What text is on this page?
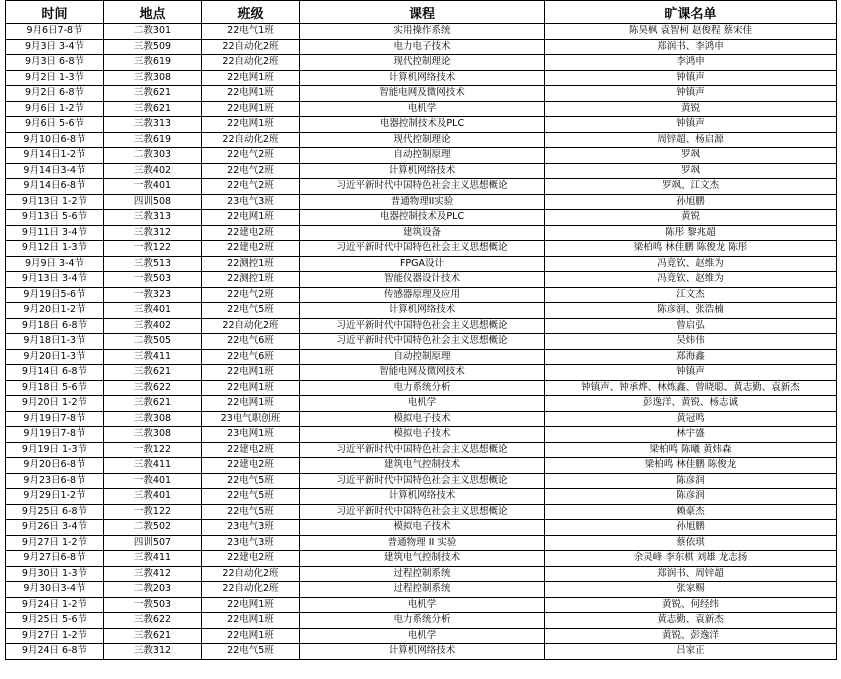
时间	地点	班级	课程	旷课名单
9月6日7-8节	二教301	22电气1班	实用操作系统	陈昊枫 袁智柯 赵俊程 蔡宋佳
9月3日 3-4节	三教509	22自动化2班	电力电子技术	郑润书、李鸿申
9月3日 6-8节	三教619	22自动化2班	现代控制理论	李鸿申
9月2日 1-3节	三教308	22电网1班	计算机网络技术	钟镇声
9月2日 6-8节	三教621	22电网1班	智能电网及微网技术	钟镇声
9月6日 1-2节	三教621	22电网1班	电机学	黄锐
9月6日 5-6节	三教313	22电网1班	电器控制技术及PLC	钟镇声
9月10日6-8节	三教619	22自动化2班	现代控制理论	周锌超、杨启源
9月14日1-2节	二教303	22电气2班	自动控制原理	罗飒
9月14日3-4节	三教402	22电气2班	计算机网络技术	罗飒
9月14日6-8节	一教401	22电气2班	习近平新时代中国特色社会主义思想概论	罗飒、江文杰
9月13日 1-2节	四训508	23电气3班	普通物理II实验	孙旭鹏
9月13日 5-6节	三教313	22电网1班	电器控制技术及PLC	黄锐
9月11日 3-4节	三教312	22建电2班	建筑设备	陈彤 黎兆超
9月12日 1-3节	一教122	22建电2班	习近平新时代中国特色社会主义思想概论	梁柏鸣 林佳鹏 陈俊龙 陈彤
9月9日 3-4节	三教513	22测控1班	FPGA设计	冯竟钦、赵维为
9月13日 3-4节	一教503	22测控1班	智能仪器设计技术	冯竟钦、赵维为
9月19日5-6节	一教323	22电气2班	传感器原理及应用	江文杰
9月20日1-2节	三教401	22电气5班	计算机网络技术	陈彦润、张浩楠
9月18日 6-8节	三教402	22自动化2班	习近平新时代中国特色社会主义思想概论	曾启弘
9月18日1-3节	二教505	22电气6班	习近平新时代中国特色社会主义思想概论	吴炜伟
9月20日1-3节	三教411	22电气6班	自动控制原理	郑海鑫
9月14日 6-8节	三教621	22电网1班	智能电网及微网技术	钟镇声
9月18日 5-6节	三教622	22电网1班	电力系统分析	钟镇声、钟承烨、林炼鑫、曾晓聪、黄志勤、袁新杰
9月20日 1-2节	三教621	22电网1班	电机学	彭逸洋、黄锐、杨志诚
9月19日7-8节	三教308	23电气职创班	模拟电子技术	黄冠鸣
9月19日7-8节	三教308	23电网1班	模拟电子技术	林宇盛
9月19日 1-3节	一教122	22建电2班	习近平新时代中国特色社会主义思想概论	梁柏鸣 陈曦 黄炜森
9月20日6-8节	三教411	22建电2班	建筑电气控制技术	梁柏鸣 林佳鹏 陈俊龙
9月23日6-8节	一教401	22电气5班	习近平新时代中国特色社会主义思想概论	陈彦润
9月29日1-2节	三教401	22电气5班	计算机网络技术	陈彦润
9月25日 6-8节	一教122	22电气5班	习近平新时代中国特色社会主义思想概论	赖豪杰
9月26日 3-4节	二教502	23电气3班	模拟电子技术	孙旭鹏
9月27日 1-2节	四训507	23电气3班	普通物理 II 实验	蔡依琪
9月27日6-8节	三教411	22建电2班	建筑电气控制技术	余灵峰 李东棋 刘雄 龙志扬
9月30日 1-3节	三教412	22自动化2班	过程控制系统	郑润书、周锌超
9月30日3-4节	二教203	22自动化2班	过程控制系统	张家赐
9月24日 1-2节	一教503	22电网1班	电机学	黄锐、何经纬
9月25日 5-6节	三教622	22电网1班	电力系统分析	黄志勤、袁新杰
9月27日 1-2节	三教621	22电网1班	电机学	黄锐、彭逸洋
9月24日 6-8节	三教312	22电气5班	计算机网络技术	吕家正
